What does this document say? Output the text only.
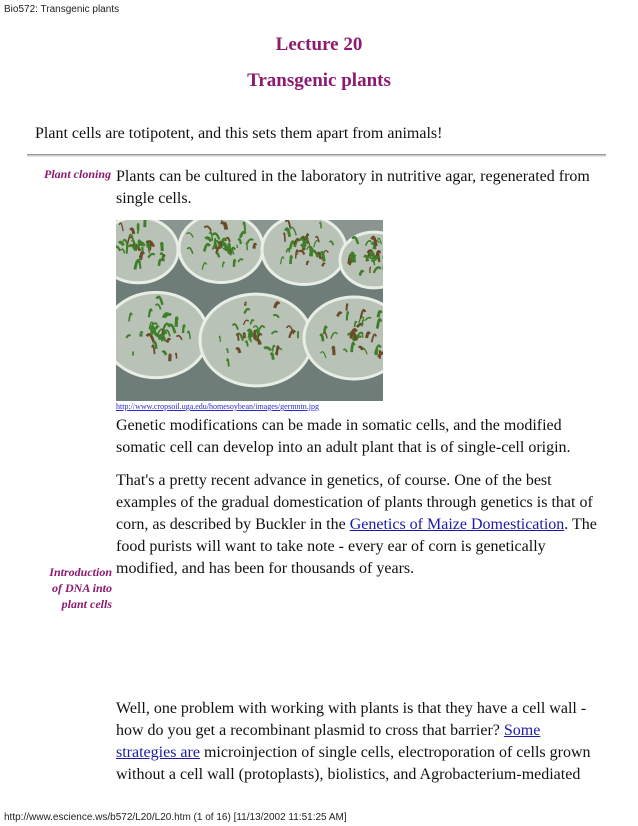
Bio572: Transgenic plants
Lecture 20
Transgenic plants
Plant cells are totipotent, and this sets them apart from animals!
Plant cloning Plants can be cultured in the laboratory in nutritive agar, regenerated from single cells.
http://www.cropsoil.uga.edu/homesoybean/images/germntn.jpg
Genetic modifications can be made in somatic cells, and the modified somatic cell can develop into an adult plant that is of single-cell origin.
That's a pretty recent advance in genetics, of course. One of the best examples of the gradual domestication of plants through genetics is that of corn, as described by Buckler in the Genetics of Maize Domestication. The food purists will want to take note - every ear of corn is genetically modified, and has been for thousands of years.
Introduction
of DNA into
plant cells
Well, one problem with working with plants is that they have a cell wall - how do you get a recombinant plasmid to cross that barrier? Some strategies are microinjection of single cells, electroporation of cells grown without a cell wall (protoplasts), biolistics, and Agrobacterium-mediated
http://www.escience.ws/b572/L20/L20.htm (1 of 16) [11/13/2002 11:51:25 AM]
